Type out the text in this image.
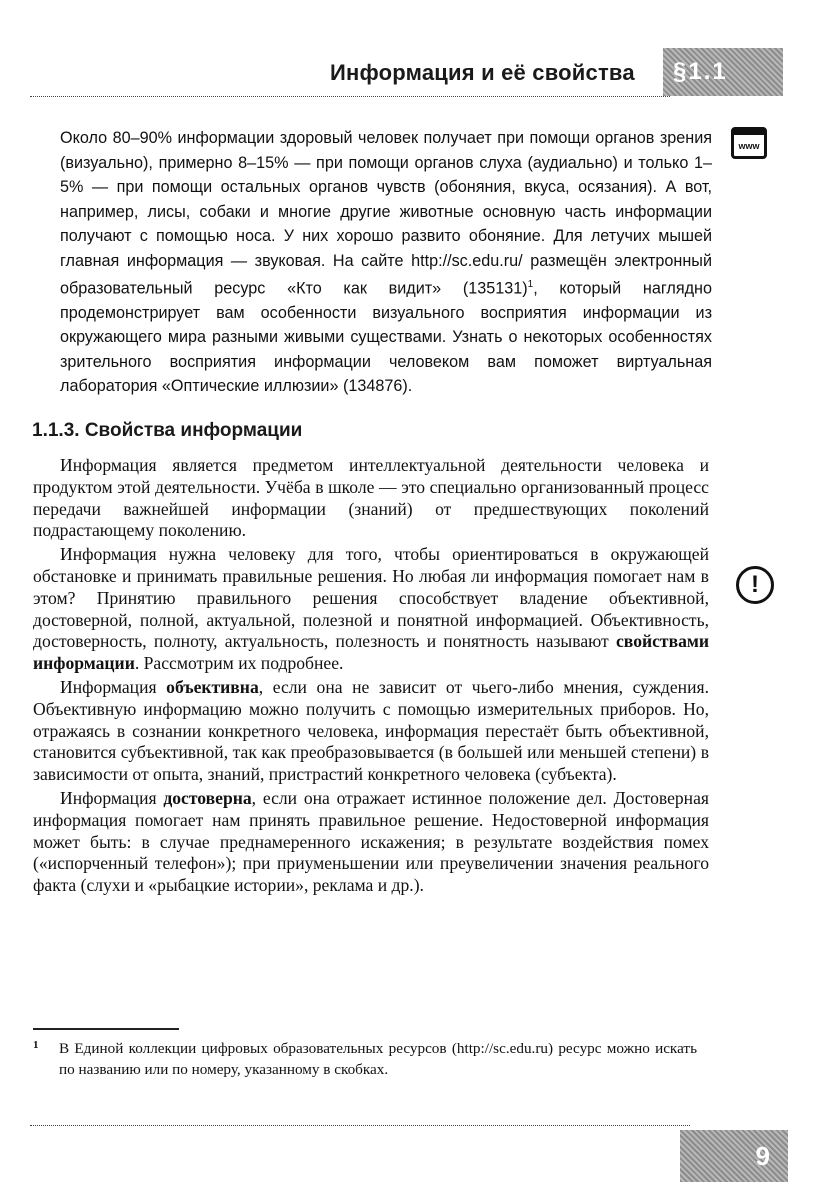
Информация и её свойства §1.1

Около 80–90% информации здоровый человек получает при помощи органов зрения (визуально), примерно 8–15% — при помощи органов слуха (аудиально) и только 1–5% — при помощи остальных органов чувств (обоняния, вкуса, осязания). А вот, например, лисы, собаки и многие другие животные основную часть информации получают с помощью носа. У них хорошо развито обоняние. Для летучих мышей главная информация — звуковая. На сайте http://sc.edu.ru/ размещён электронный образовательный ресурс «Кто как видит» $(135131)^1$, который наглядно продемонстрирует вам особенности визуального восприятия информации из окружающего мира разными живыми существами. Узнать о некоторых особенностях зрительного восприятия информации человеком вам поможет виртуальная лаборатория «Оптические иллюзии» (134876).

www
1.1.3. Свойства информации

Информация является предметом интеллектуальной деятельности человека и продуктом этой деятельности. Учёба в школе — это специально организованный процесс передачи важнейшей информации (знаний) от предшествующих поколений подрастающему поколению.

Информация нужна человеку для того, чтобы ориентироваться в окружающей обстановке и принимать правильные решения. Но любая ли информация помогает нам в этом? Принятию правильного решения способствует владение объективной, достоверной, полной, актуальной, полезной и понятной информацией. Объективность, достоверность, полноту, актуальность, полезность и понятность называют свойствами информации. Рассмотрим их подробнее.

Информация объективна, если она не зависит от чьего-либо мнения, суждения. Объективную информацию можно получить с помощью измерительных приборов. Но, отражаясь в сознании конкретного человека, информация перестаёт быть объективной, становится субъективной, так как преобразовывается (в большей или меньшей степени) в зависимости от опыта, знаний, пристрастий конкретного человека (субъекта).

Информация достоверна, если она отражает истинное положение дел. Достоверная информация помогает нам принять правильное решение. Недостоверной информация может быть: в случае преднамеренного искажения; в результате воздействия помех («испорченный телефон»); при приуменьшении или преувеличении значения реального факта (слухи и «рыбацкие истории», реклама и др.).

!
1	В Единой коллекции цифровых образовательных ресурсов (http://sc.edu.ru) ресурс можно искать по названию или по номеру, указанному в скобках.
9
